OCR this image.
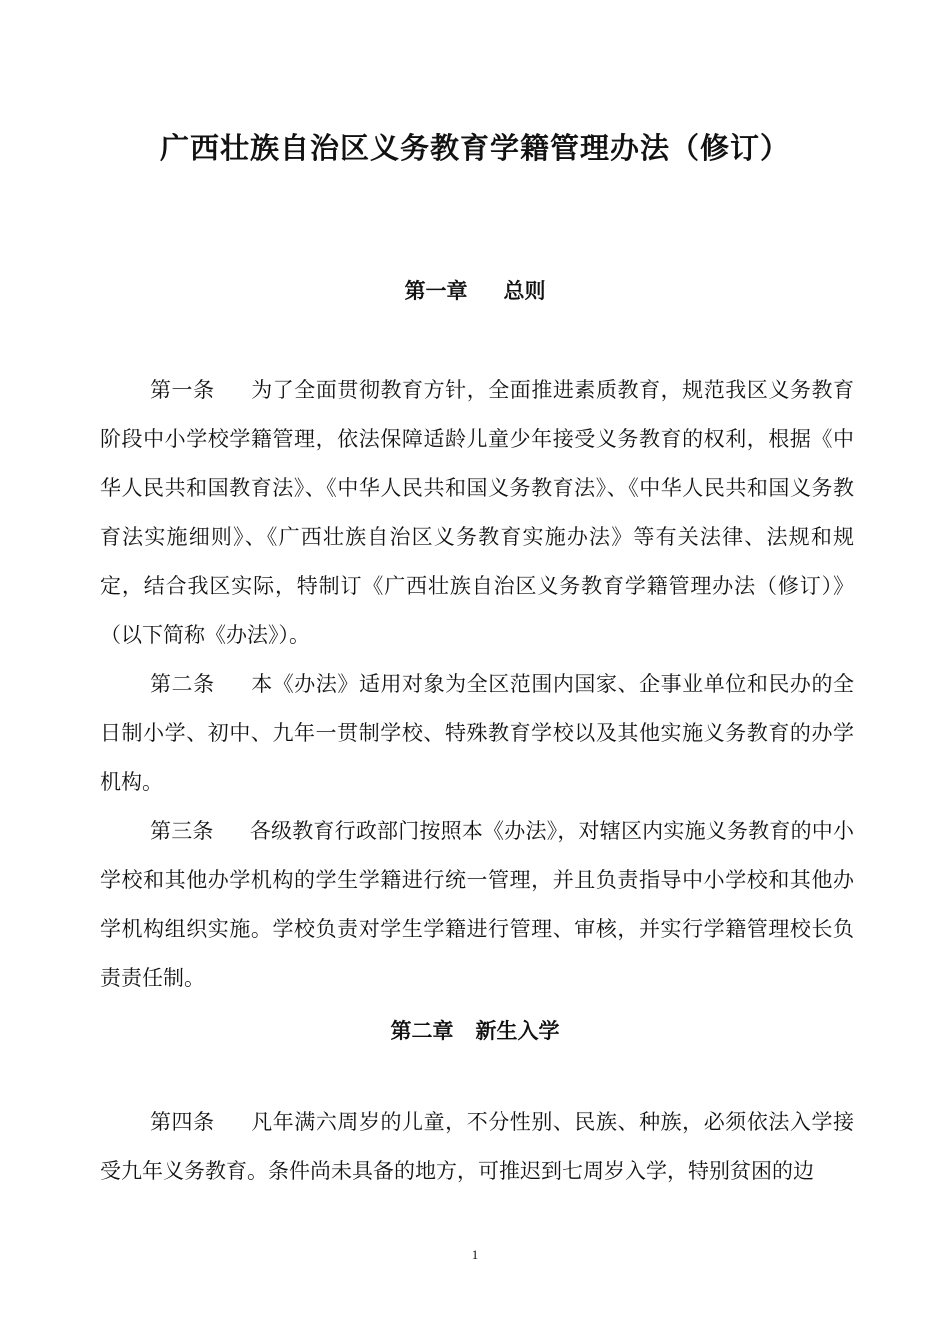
广西壮族自治区义务教育学籍管理办法（修订）
第一章 总则

第一条 为了全面贯彻教育方针，全面推进素质教育，规范我区义务教育阶段中小学校学籍管理，依法保障适龄儿童少年接受义务教育的权利，根据《中华人民共和国教育法》、《中华人民共和国义务教育法》、《中华人民共和国义务教育法实施细则》、《广西壮族自治区义务教育实施办法》等有关法律、法规和规定，结合我区实际，特制订《广西壮族自治区义务教育学籍管理办法（修订）》（以下简称《办法》）。

第二条 本《办法》适用对象为全区范围内国家、企事业单位和民办的全日制小学、初中、九年一贯制学校、特殊教育学校以及其他实施义务教育的办学机构。

第三条 各级教育行政部门按照本《办法》，对辖区内实施义务教育的中小学校和其他办学机构的学生学籍进行统一管理，并且负责指导中小学校和其他办学机构组织实施。学校负责对学生学籍进行管理、审核，并实行学籍管理校长负责责任制。

第二章 新生入学

第四条 凡年满六周岁的儿童，不分性别、民族、种族，必须依法入学接受九年义务教育。条件尚未具备的地方，可推迟到七周岁入学，特别贫困的边

1
